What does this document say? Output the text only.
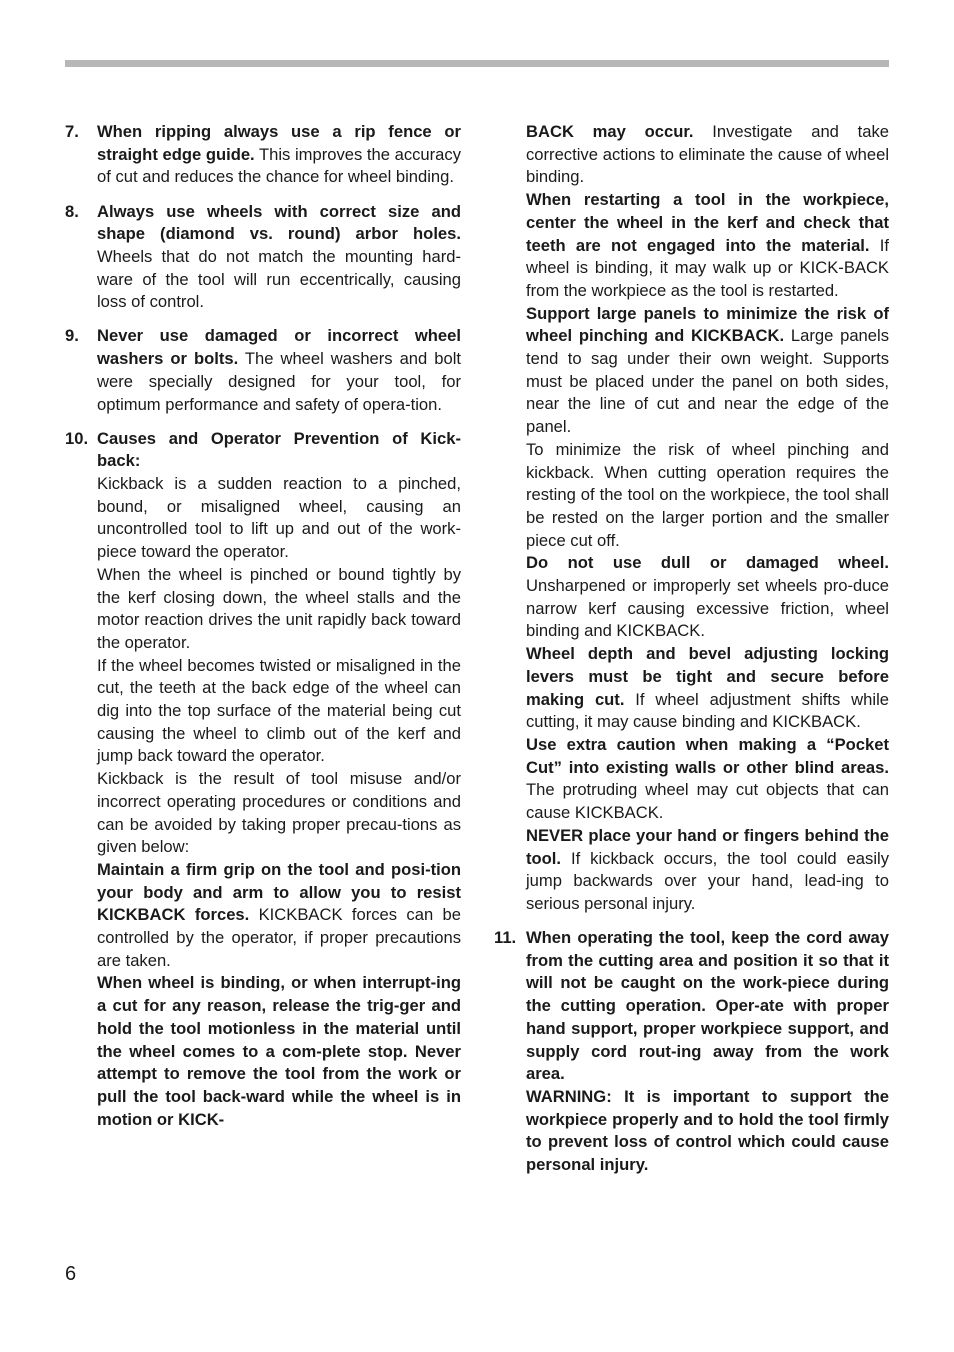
7. When ripping always use a rip fence or straight edge guide. This improves the accuracy of cut and reduces the chance for wheel binding.

8. Always use wheels with correct size and shape (diamond vs. round) arbor holes. Wheels that do not match the mounting hard-ware of the tool will run eccentrically, causing loss of control.

9. Never use damaged or incorrect wheel washers or bolts. The wheel washers and bolt were specially designed for your tool, for optimum performance and safety of opera-tion.

10. Causes and Operator Prevention of Kick-back:

Kickback is a sudden reaction to a pinched, bound, or misaligned wheel, causing an uncontrolled tool to lift up and out of the work-piece toward the operator.

When the wheel is pinched or bound tightly by the kerf closing down, the wheel stalls and the motor reaction drives the unit rapidly back toward the operator.

If the wheel becomes twisted or misaligned in the cut, the teeth at the back edge of the wheel can dig into the top surface of the material being cut causing the wheel to climb out of the kerf and jump back toward the operator.

Kickback is the result of tool misuse and/or incorrect operating procedures or conditions and can be avoided by taking proper precau-tions as given below:

Maintain a firm grip on the tool and posi-tion your body and arm to allow you to resist KICKBACK forces. KICKBACK forces can be controlled by the operator, if proper precautions are taken.

When wheel is binding, or when interrupt-ing a cut for any reason, release the trig-ger and hold the tool motionless in the material until the wheel comes to a com-plete stop. Never attempt to remove the tool from the work or pull the tool back-ward while the wheel is in motion or KICK-

BACK may occur. Investigate and take corrective actions to eliminate the cause of wheel binding.

When restarting a tool in the workpiece, center the wheel in the kerf and check that teeth are not engaged into the material. If wheel is binding, it may walk up or KICK-BACK from the workpiece as the tool is restarted.

Support large panels to minimize the risk of wheel pinching and KICKBACK. Large panels tend to sag under their own weight. Supports must be placed under the panel on both sides, near the line of cut and near the edge of the panel.

To minimize the risk of wheel pinching and kickback. When cutting operation requires the resting of the tool on the workpiece, the tool shall be rested on the larger portion and the smaller piece cut off.

Do not use dull or damaged wheel. Unsharpened or improperly set wheels pro-duce narrow kerf causing excessive friction, wheel binding and KICKBACK.

Wheel depth and bevel adjusting locking levers must be tight and secure before making cut. If wheel adjustment shifts while cutting, it may cause binding and KICKBACK.

Use extra caution when making a “Pocket Cut” into existing walls or other blind areas. The protruding wheel may cut objects that can cause KICKBACK.

NEVER place your hand or fingers behind the tool. If kickback occurs, the tool could easily jump backwards over your hand, lead-ing to serious personal injury.

11. When operating the tool, keep the cord away from the cutting area and position it so that it will not be caught on the work-piece during the cutting operation. Oper-ate with proper hand support, proper workpiece support, and supply cord rout-ing away from the work area.

WARNING: It is important to support the workpiece properly and to hold the tool firmly to prevent loss of control which could cause personal injury.

6
